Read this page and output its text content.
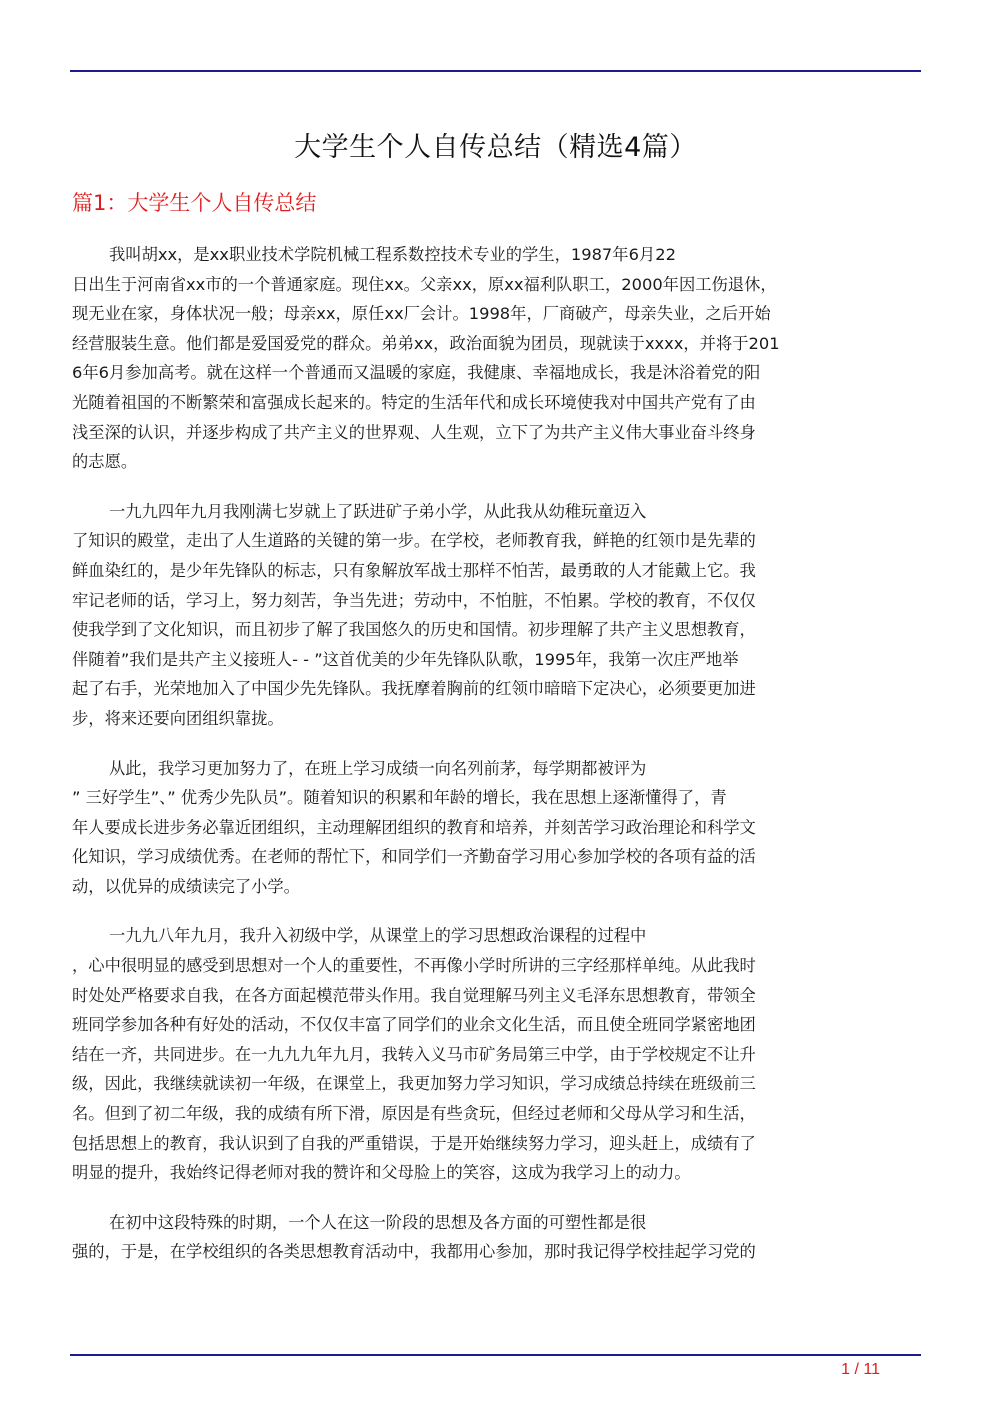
大学生个人自传总结（精选4篇）
篇1：大学生个人自传总结

我叫胡xx，是xx职业技术学院机械工程系数控技术专业的学生，1987年6月22
日出生于河南省xx市的一个普通家庭。现住xx。父亲xx，原xx福利队职工，2000年因工伤退休，
现无业在家，身体状况一般；母亲xx，原任xx厂会计。1998年，厂商破产，母亲失业，之后开始
经营服装生意。他们都是爱国爱党的群众。弟弟xx，政治面貌为团员，现就读于xxxx，并将于201
6年6月参加高考。就在这样一个普通而又温暖的家庭，我健康、幸福地成长，我是沐浴着党的阳
光随着祖国的不断繁荣和富强成长起来的。特定的生活年代和成长环境使我对中国共产党有了由
浅至深的认识，并逐步构成了共产主义的世界观、人生观，立下了为共产主义伟大事业奋斗终身
的志愿。

一九九四年九月我刚满七岁就上了跃进矿子弟小学，从此我从幼稚玩童迈入
了知识的殿堂，走出了人生道路的关键的第一步。在学校，老师教育我，鲜艳的红领巾是先辈的
鲜血染红的，是少年先锋队的标志，只有象解放军战士那样不怕苦，最勇敢的人才能戴上它。我
牢记老师的话，学习上，努力刻苦，争当先进；劳动中，不怕脏，不怕累。学校的教育，不仅仅
使我学到了文化知识，而且初步了解了我国悠久的历史和国情。初步理解了共产主义思想教育，
伴随着”我们是共产主义接班人- - ”这首优美的少年先锋队队歌，1995年，我第一次庄严地举
起了右手，光荣地加入了中国少先先锋队。我抚摩着胸前的红领巾暗暗下定决心，必须要更加进
步，将来还要向团组织靠拢。

从此，我学习更加努力了，在班上学习成绩一向名列前茅，每学期都被评为
” 三好学生”、” 优秀少先队员”。随着知识的积累和年龄的增长，我在思想上逐渐懂得了，青
年人要成长进步务必靠近团组织，主动理解团组织的教育和培养，并刻苦学习政治理论和科学文
化知识，学习成绩优秀。在老师的帮忙下，和同学们一齐勤奋学习用心参加学校的各项有益的活
动，以优异的成绩读完了小学。

一九九八年九月，我升入初级中学，从课堂上的学习思想政治课程的过程中
，心中很明显的感受到思想对一个人的重要性，不再像小学时所讲的三字经那样单纯。从此我时
时处处严格要求自我，在各方面起模范带头作用。我自觉理解马列主义毛泽东思想教育，带领全
班同学参加各种有好处的活动，不仅仅丰富了同学们的业余文化生活，而且使全班同学紧密地团
结在一齐，共同进步。在一九九九年九月，我转入义马市矿务局第三中学，由于学校规定不让升
级，因此，我继续就读初一年级，在课堂上，我更加努力学习知识，学习成绩总持续在班级前三
名。但到了初二年级，我的成绩有所下滑，原因是有些贪玩，但经过老师和父母从学习和生活，
包括思想上的教育，我认识到了自我的严重错误，于是开始继续努力学习，迎头赶上，成绩有了
明显的提升，我始终记得老师对我的赞许和父母脸上的笑容，这成为我学习上的动力。

在初中这段特殊的时期，一个人在这一阶段的思想及各方面的可塑性都是很
强的，于是，在学校组织的各类思想教育活动中，我都用心参加，那时我记得学校挂起学习党的

1 / 11
